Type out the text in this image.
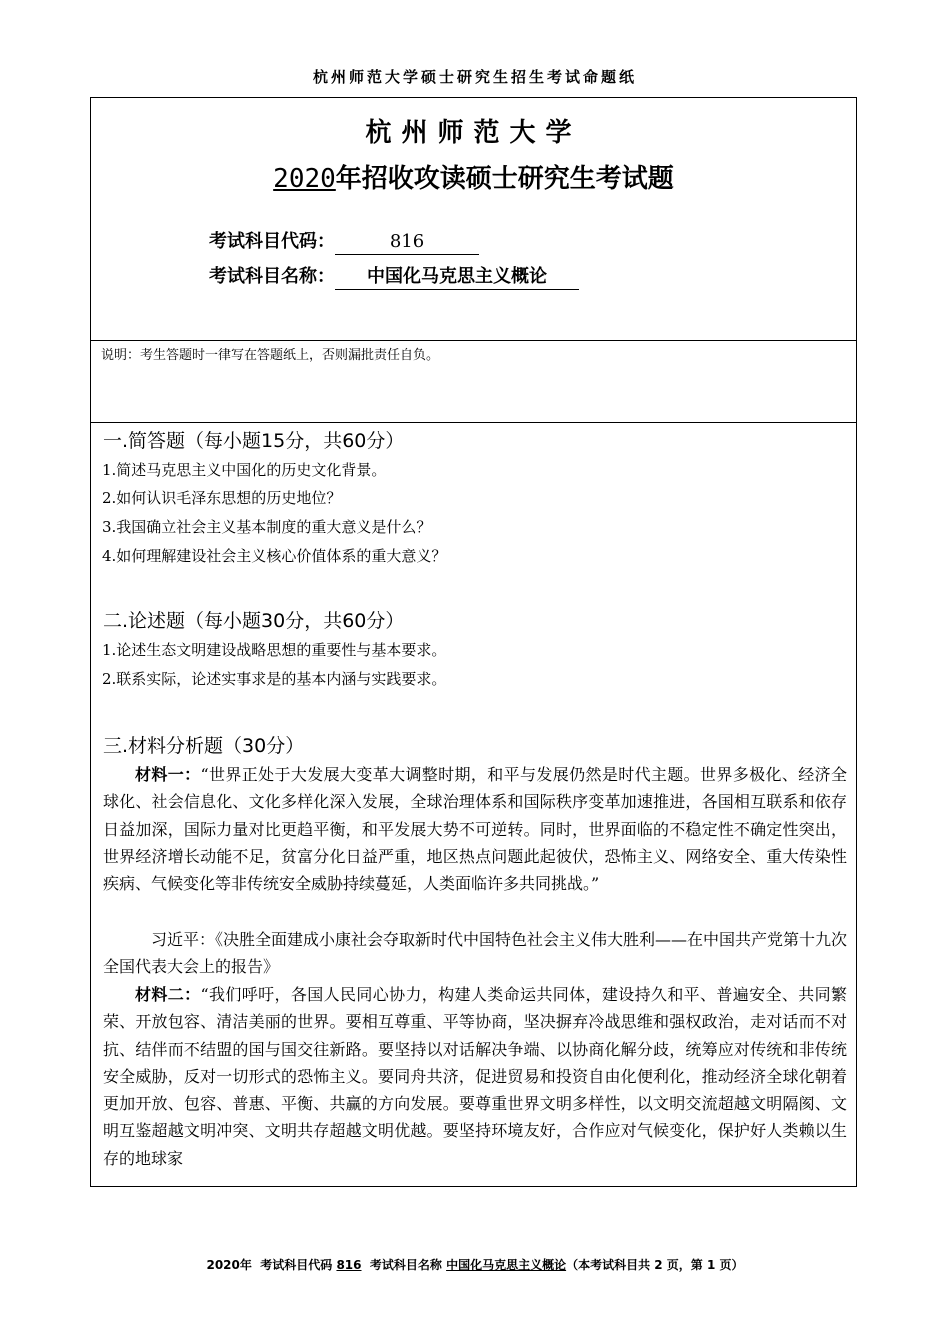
杭州师范大学硕士研究生招生考试命题纸
杭州师范大学
2020年招收攻读硕士研究生考试题
考试科目代码：	816
考试科目名称： 中国化马克思主义概论
说明：考生答题时一律写在答题纸上，否则漏批责任自负。
一.简答题（每小题15分，共60分）
1.简述马克思主义中国化的历史文化背景。
2.如何认识毛泽东思想的历史地位？
3.我国确立社会主义基本制度的重大意义是什么？
4.如何理解建设社会主义核心价值体系的重大意义？
二.论述题（每小题30分，共60分）
1.论述生态文明建设战略思想的重要性与基本要求。
2.联系实际，论述实事求是的基本内涵与实践要求。
三.材料分析题（30分）

材料一：“世界正处于大发展大变革大调整时期，和平与发展仍然是时代主题。世界多极化、经济全球化、社会信息化、文化多样化深入发展，全球治理体系和国际秩序变革加速推进，各国相互联系和依存日益加深，国际力量对比更趋平衡，和平发展大势不可逆转。同时，世界面临的不稳定性不确定性突出，世界经济增长动能不足，贫富分化日益严重，地区热点问题此起彼伏，恐怖主义、网络安全、重大传染性疾病、气候变化等非传统安全威胁持续蔓延，人类面临许多共同挑战。”

习近平：《决胜全面建成小康社会夺取新时代中国特色社会主义伟大胜利——在中国共产党第十九次全国代表大会上的报告》

材料二：“我们呼吁，各国人民同心协力，构建人类命运共同体，建设持久和平、普遍安全、共同繁荣、开放包容、清洁美丽的世界。要相互尊重、平等协商，坚决摒弃冷战思维和强权政治，走对话而不对抗、结伴而不结盟的国与国交往新路。要坚持以对话解决争端、以协商化解分歧，统筹应对传统和非传统安全威胁，反对一切形式的恐怖主义。要同舟共济，促进贸易和投资自由化便利化，推动经济全球化朝着更加开放、包容、普惠、平衡、共赢的方向发展。要尊重世界文明多样性，以文明交流超越文明隔阂、文明互鉴超越文明冲突、文明共存超越文明优越。要坚持环境友好，合作应对气候变化，保护好人类赖以生存的地球家

2020年 考试科目代码 816 考试科目名称 中国化马克思主义概论（本考试科目共 2 页，第 1 页）
